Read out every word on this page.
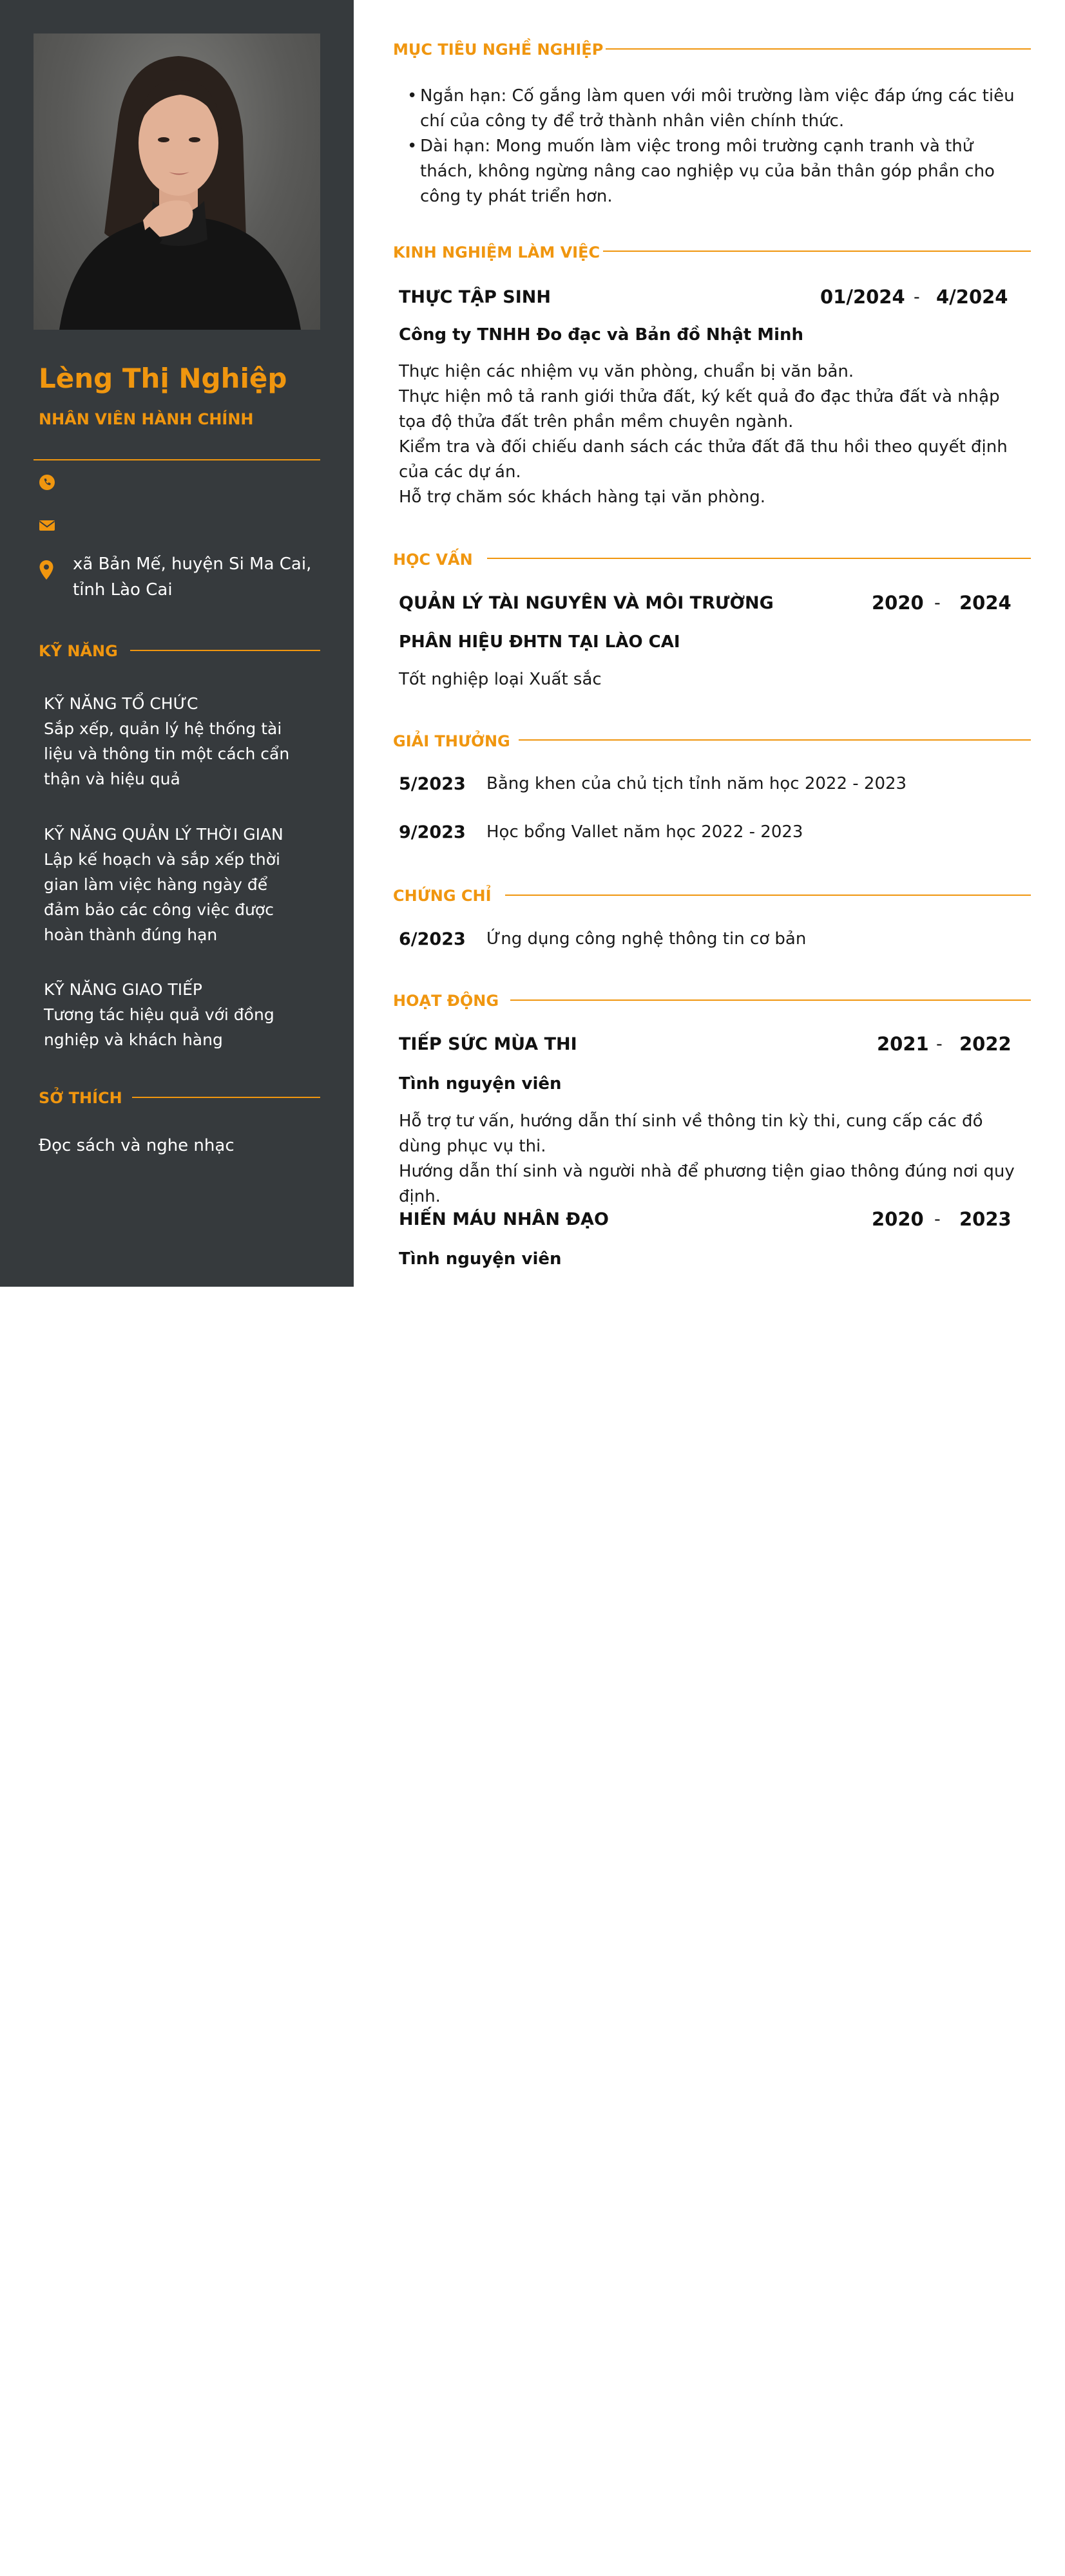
Lèng Thị Nghiệp
NHÂN VIÊN HÀNH CHÍNH
xã Bản Mế, huyện Si Ma Cai, tỉnh Lào Cai
KỸ NĂNG
KỸ NĂNG TỔ CHỨC
Sắp xếp, quản lý hệ thống tài liệu và thông tin một cách cẩn thận và hiệu quả
KỸ NĂNG QUẢN LÝ THỜI GIAN
Lập kế hoạch và sắp xếp thời gian làm việc hàng ngày để đảm bảo các công việc được hoàn thành đúng hạn
KỸ NĂNG GIAO TIẾP
Tương tác hiệu quả với đồng nghiệp và khách hàng
SỞ THÍCH
Đọc sách và nghe nhạc
MỤC TIÊU NGHỀ NGHIỆP
• Ngắn hạn: Cố gắng làm quen với môi trường làm việc đáp ứng các tiêu chí của công ty để trở thành nhân viên chính thức.
• Dài hạn: Mong muốn làm việc trong môi trường cạnh tranh và thử thách, không ngừng nâng cao nghiệp vụ của bản thân góp phần cho công ty phát triển hơn.
KINH NGHIỆM LÀM VIỆC
THỰC TẬP SINH	01/2024 - 4/2024
Công ty TNHH Đo đạc và Bản đồ Nhật Minh
Thực hiện các nhiệm vụ văn phòng, chuẩn bị văn bản.
Thực hiện mô tả ranh giới thửa đất, ký kết quả đo đạc thửa đất và nhập tọa độ thửa đất trên phần mềm chuyên ngành.
Kiểm tra và đối chiếu danh sách các thửa đất đã thu hồi theo quyết định của các dự án.
Hỗ trợ chăm sóc khách hàng tại văn phòng.
HỌC VẤN
QUẢN LÝ TÀI NGUYÊN VÀ MÔI TRƯỜNG	2020 - 2024
PHÂN HIỆU ĐHTN TẠI LÀO CAI
Tốt nghiệp loại Xuất sắc
GIẢI THƯỞNG
5/2023 Bằng khen của chủ tịch tỉnh năm học 2022 - 2023
9/2023 Học bổng Vallet năm học 2022 - 2023
CHỨNG CHỈ
6/2023 Ứng dụng công nghệ thông tin cơ bản
HOẠT ĐỘNG
TIẾP SỨC MÙA THI	2021 - 2022
Tình nguyện viên
Hỗ trợ tư vấn, hướng dẫn thí sinh về thông tin kỳ thi, cung cấp các đồ dùng phục vụ thi.
Hướng dẫn thí sinh và người nhà để phương tiện giao thông đúng nơi quy định.
HIẾN MÁU NHÂN ĐẠO	2020 - 2023
Tình nguyện viên
